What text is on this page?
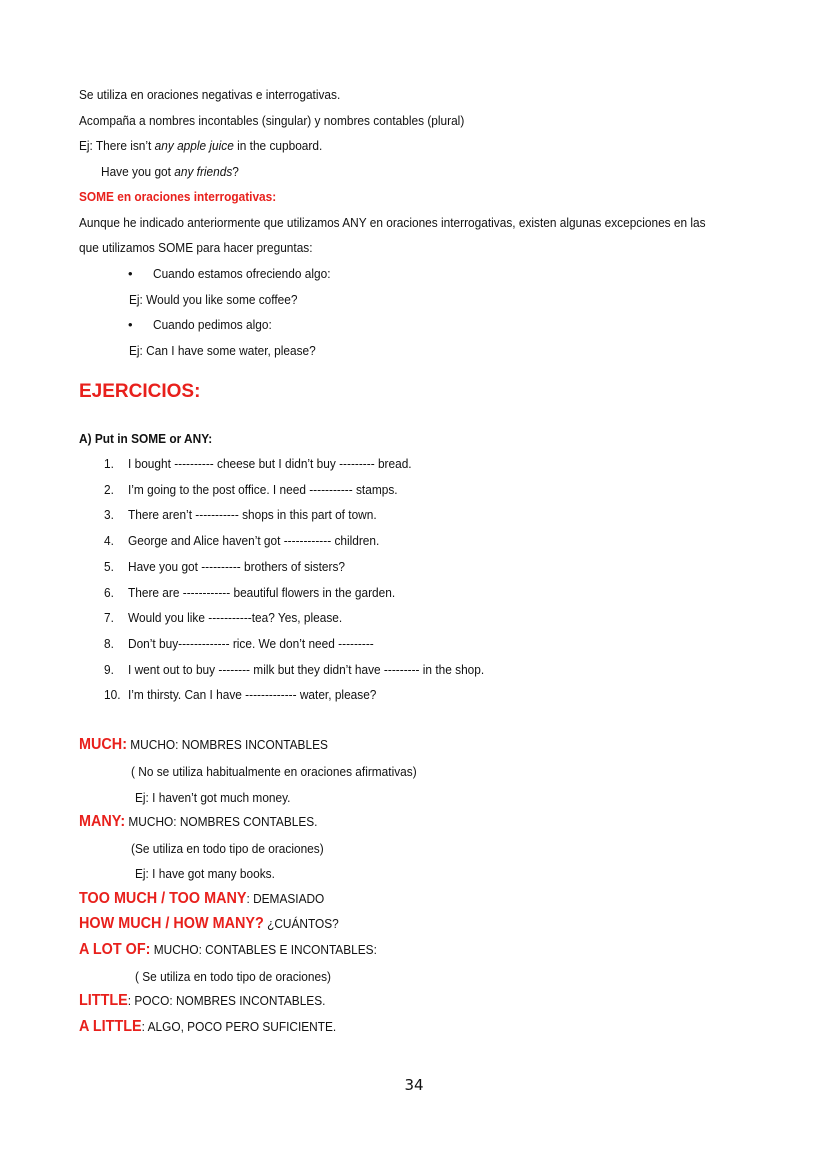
Se utiliza en oraciones negativas e interrogativas.
Acompaña a nombres incontables (singular) y nombres contables (plural)
Ej: There isn’t any apple juice in the cupboard.
Have you got any friends?
SOME en oraciones interrogativas:
Aunque he indicado anteriormente que utilizamos ANY en oraciones interrogativas, existen algunas excepciones en las
que utilizamos SOME para hacer preguntas:
• Cuando estamos ofreciendo algo:
Ej: Would you like some coffee?
• Cuando pedimos algo:
Ej: Can I have some water, please?
EJERCICIOS:
A) Put in SOME or ANY:
1. I bought ---------- cheese but I didn’t buy --------- bread.
2. I’m going to the post office. I need ----------- stamps.
3. There aren’t ----------- shops in this part of town.
4. George and Alice haven’t got ------------ children.
5. Have you got ---------- brothers of sisters?
6. There are ------------ beautiful flowers in the garden.
7. Would you like -----------tea? Yes, please.
8. Don’t buy------------- rice. We don’t need ---------
9. I went out to buy -------- milk but they didn’t have --------- in the shop.
10. I’m thirsty. Can I have ------------- water, please?
MUCH: MUCHO: NOMBRES INCONTABLES
( No se utiliza habitualmente en oraciones afirmativas)
Ej: I haven’t got much money.
MANY: MUCHO: NOMBRES CONTABLES.
(Se utiliza en todo tipo de oraciones)
Ej: I have got many books.
TOO MUCH / TOO MANY: DEMASIADO
HOW MUCH / HOW MANY? ¿CUÁNTOS?
A LOT OF: MUCHO: CONTABLES E INCONTABLES:
( Se utiliza en todo tipo de oraciones)
LITTLE: POCO: NOMBRES INCONTABLES.
A LITTLE: ALGO, POCO PERO SUFICIENTE.
34
